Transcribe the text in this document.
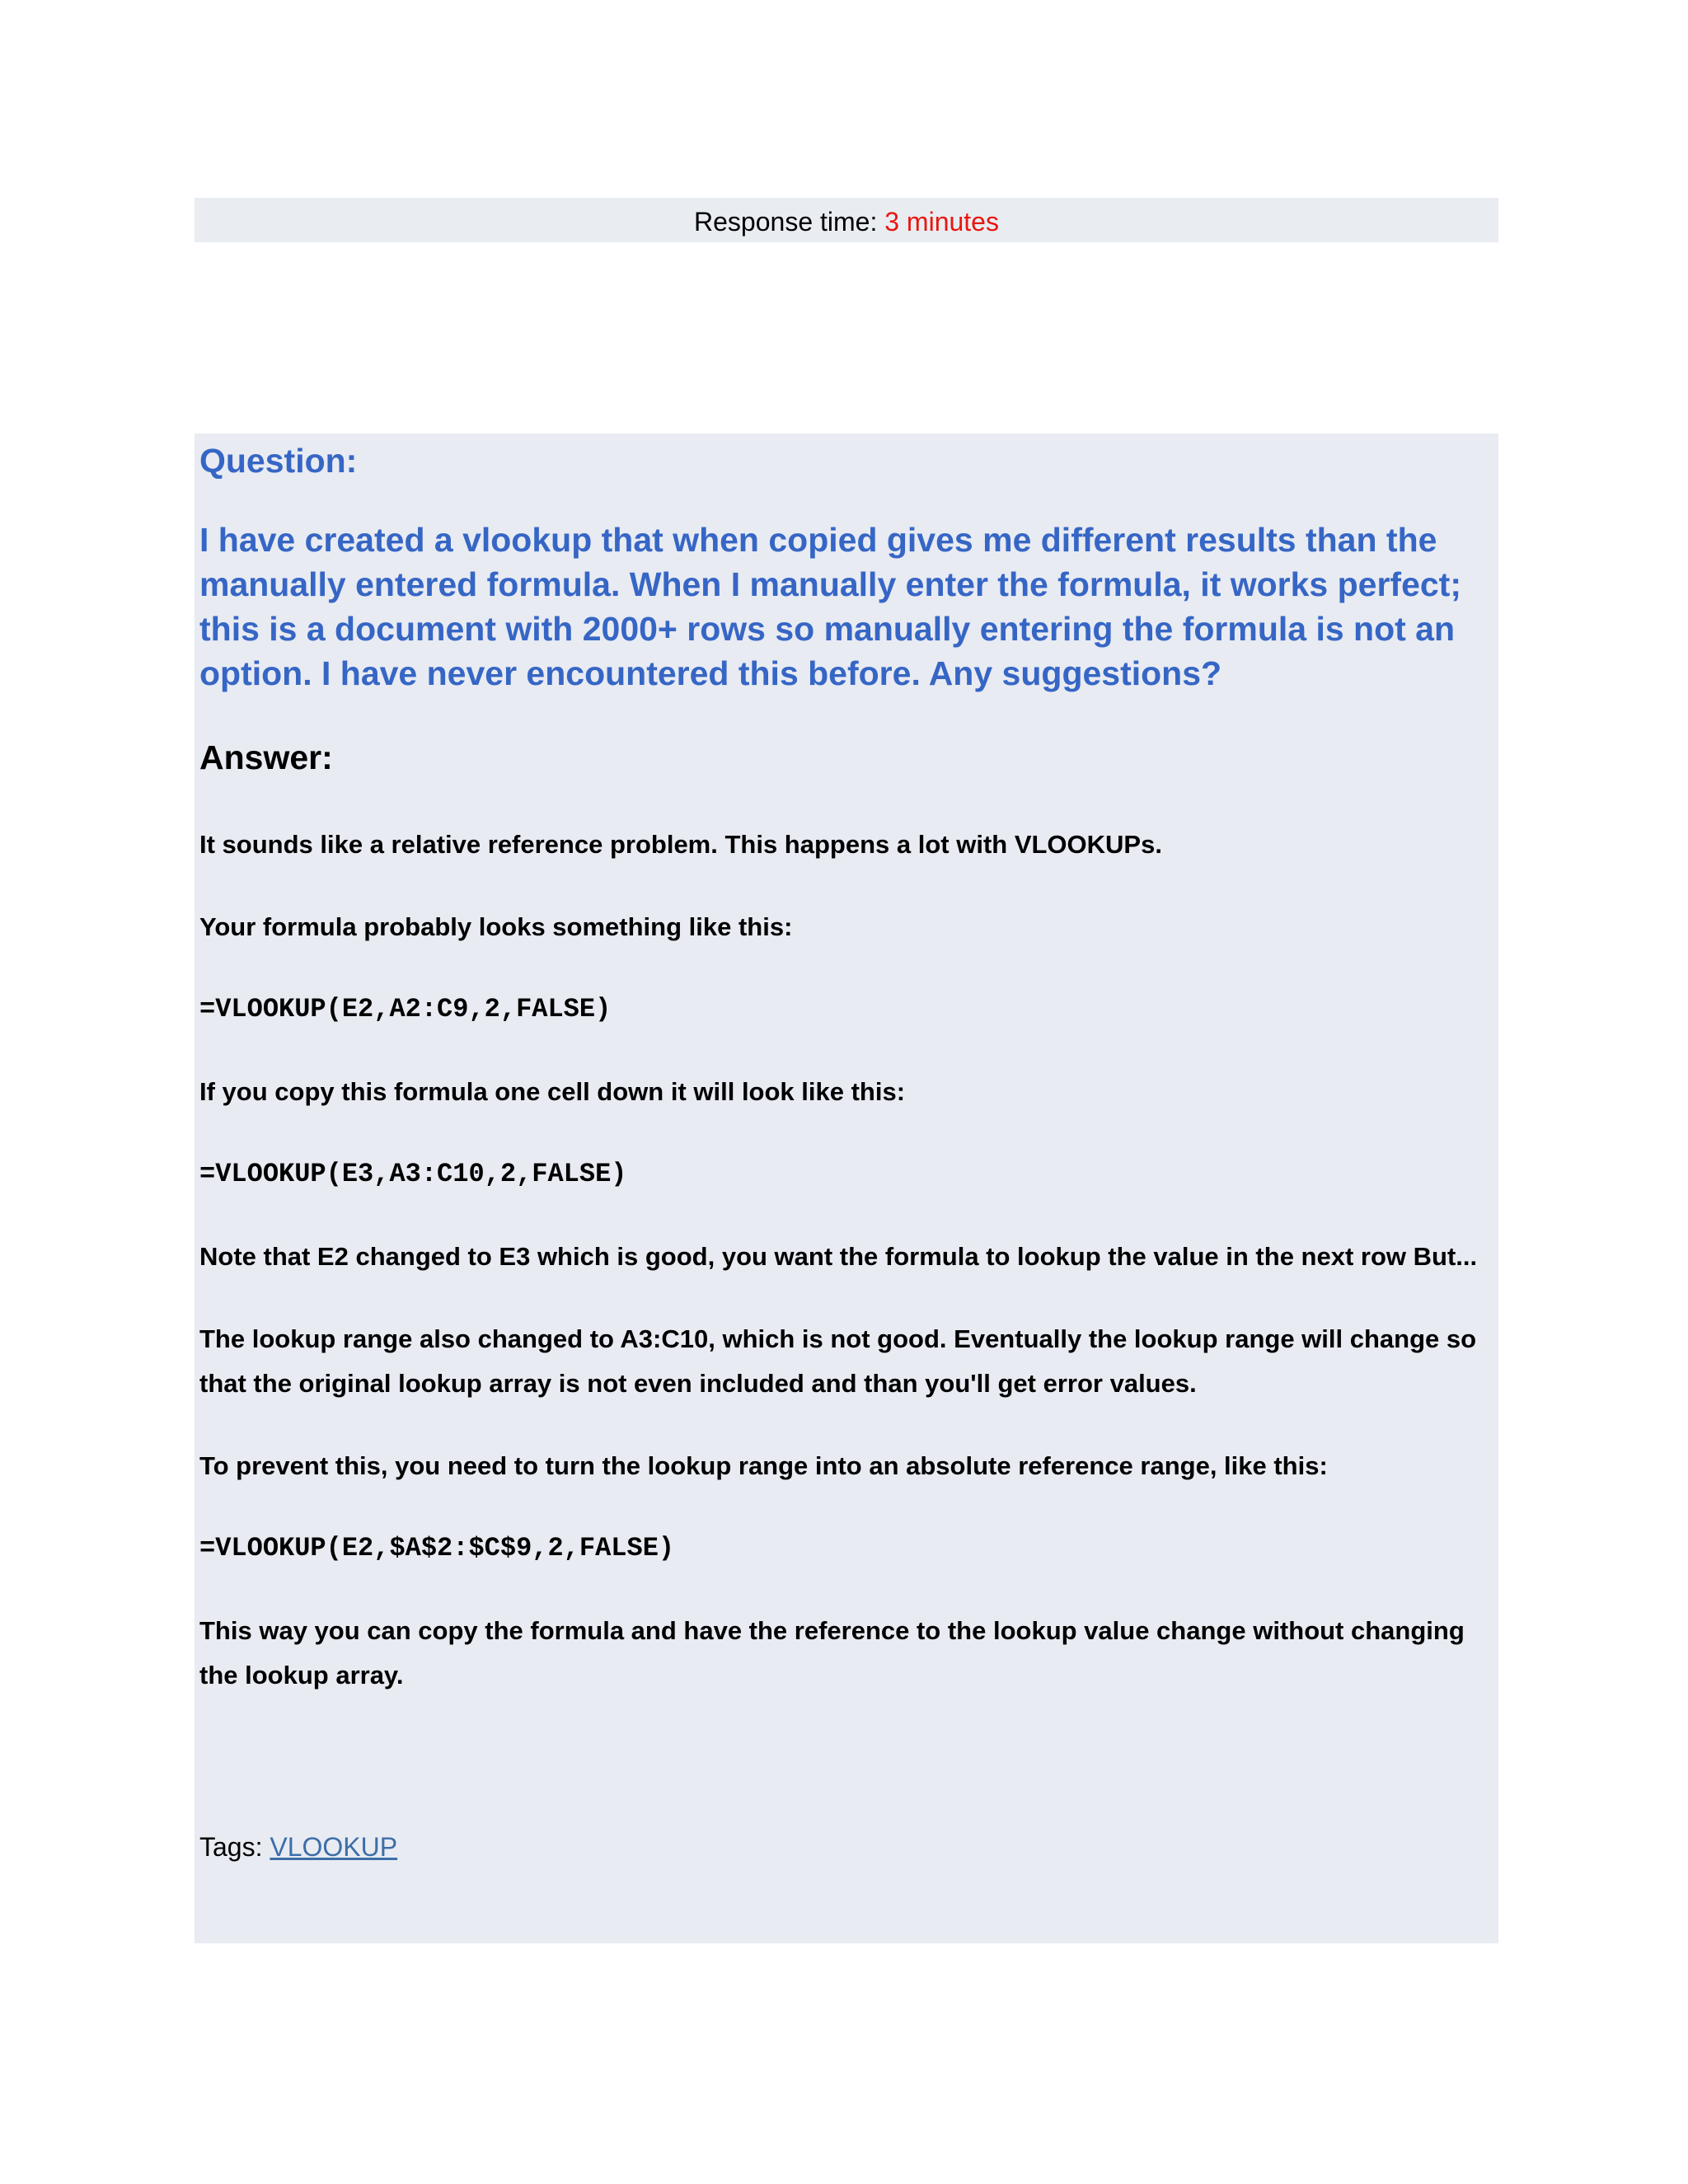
Response time: 3 minutes
Question:

I have created a vlookup that when copied gives me different results than the manually entered formula. When I manually enter the formula, it works perfect; this is a document with 2000+ rows so manually entering the formula is not an option. I have never encountered this before. Any suggestions?

Answer:

It sounds like a relative reference problem. This happens a lot with VLOOKUPs.

Your formula probably looks something like this:

=VLOOKUP(E2,A2:C9,2,FALSE)

If you copy this formula one cell down it will look like this:

=VLOOKUP(E3,A3:C10,2,FALSE)

Note that E2 changed to E3 which is good, you want the formula to lookup the value in the next row But...

The lookup range also changed to A3:C10, which is not good. Eventually the lookup range will change so that the original lookup array is not even included and than you'll get error values.

To prevent this, you need to turn the lookup range into an absolute reference range, like this:

=VLOOKUP(E2,$A$2:$C$9,2,FALSE)

This way you can copy the formula and have the reference to the lookup value change without changing the lookup array.

Tags: VLOOKUP
